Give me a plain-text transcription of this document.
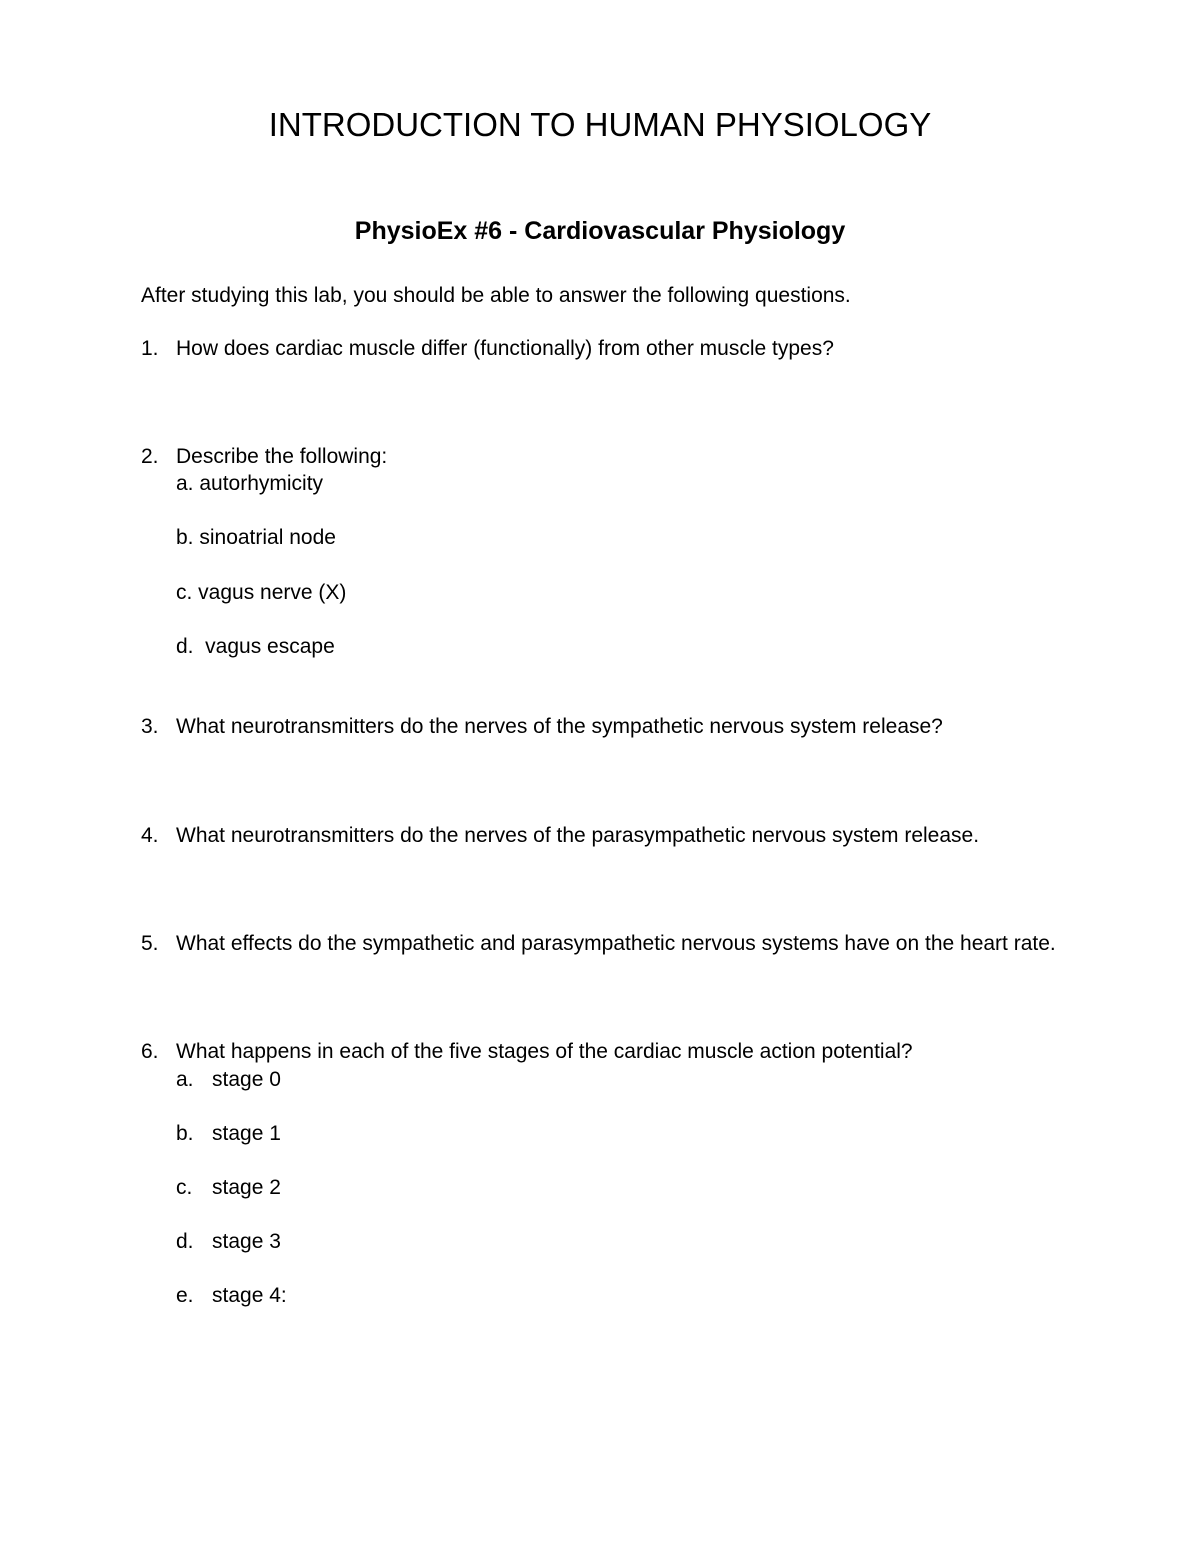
INTRODUCTION TO HUMAN PHYSIOLOGY
PhysioEx #6 - Cardiovascular Physiology

After studying this lab, you should be able to answer the following questions.

1. How does cardiac muscle differ (functionally) from other muscle types?
2. Describe the following:
a. autorhymicity
b. sinoatrial node
c. vagus nerve (X)
d.  vagus escape
3. What neurotransmitters do the nerves of the sympathetic nervous system release?
4. What neurotransmitters do the nerves of the parasympathetic nervous system release.
5. What effects do the sympathetic and parasympathetic nervous systems have on the heart rate.
6. What happens in each of the five stages of the cardiac muscle action potential?
a. stage 0
b. stage 1
c. stage 2
d. stage 3
e. stage 4:
